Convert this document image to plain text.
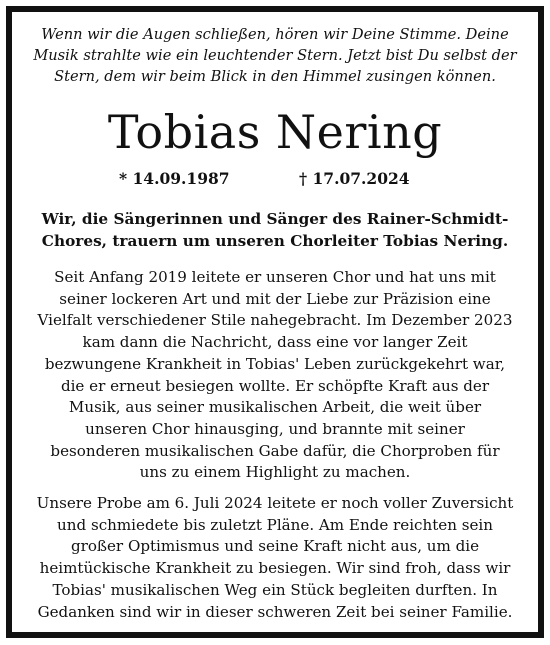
Wenn wir die Augen schließen, hören wir Deine Stimme. Deine
Musik strahlte wie ein leuchtender Stern. Jetzt bist Du selbst der
Stern, dem wir beim Blick in den Himmel zusingen können.
Tobias Nering
* 14.09.1987	† 17.07.2024
Wir, die Sängerinnen und Sänger des Rainer-Schmidt-
Chores, trauern um unseren Chorleiter Tobias Nering.
Seit Anfang 2019 leitete er unseren Chor und hat uns mit
seiner lockeren Art und mit der Liebe zur Präzision eine
Vielfalt verschiedener Stile nahegebracht. Im Dezember 2023
kam dann die Nachricht, dass eine vor langer Zeit
bezwungene Krankheit in Tobias' Leben zurückgekehrt war,
die er erneut besiegen wollte. Er schöpfte Kraft aus der
Musik, aus seiner musikalischen Arbeit, die weit über
unseren Chor hinausging, und brannte mit seiner
besonderen musikalischen Gabe dafür, die Chorproben für
uns zu einem Highlight zu machen.
Unsere Probe am 6. Juli 2024 leitete er noch voller Zuversicht
und schmiedete bis zuletzt Pläne. Am Ende reichten sein
großer Optimismus und seine Kraft nicht aus, um die
heimtückische Krankheit zu besiegen. Wir sind froh, dass wir
Tobias' musikalischen Weg ein Stück begleiten durften. In
Gedanken sind wir in dieser schweren Zeit bei seiner Familie.
